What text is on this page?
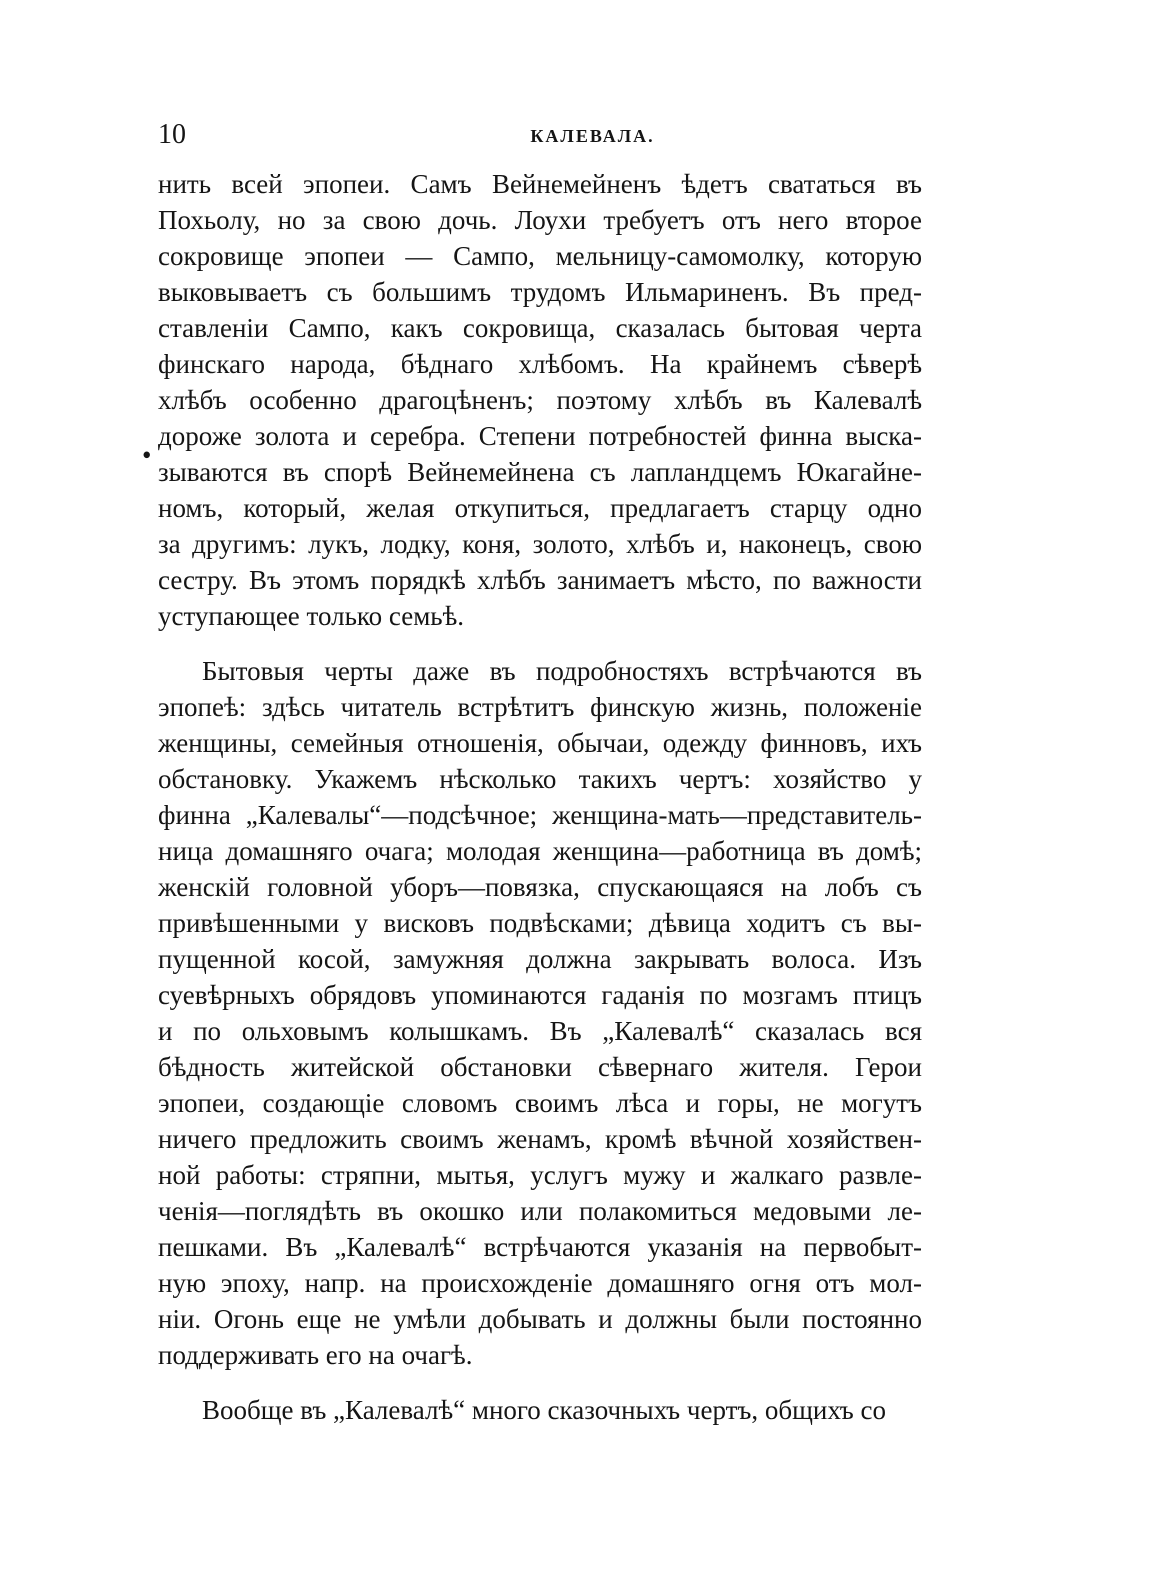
10	КАЛЕВАЛА.
•
нить всей эпопеи. Самъ Вейнемейненъ ѣдетъ свататься въ
Похьолу, но за свою дочь. Лоухи требуетъ отъ него второе
сокровище эпопеи — Сампо, мельницу-самомолку, которую
выковываетъ съ большимъ трудомъ Ильмариненъ. Въ пред-
ставленіи Сампо, какъ сокровища, сказалась бытовая черта
финскаго народа, бѣднаго хлѣбомъ. На крайнемъ сѣверѣ
хлѣбъ особенно драгоцѣненъ; поэтому хлѣбъ въ Калевалѣ
дороже золота и серебра. Степени потребностей финна выска-
зываются въ спорѣ Вейнемейнена съ лапландцемъ Юкагайне-
номъ, который, желая откупиться, предлагаетъ старцу одно
за другимъ: лукъ, лодку, коня, золото, хлѣбъ и, наконецъ, свою
сестру. Въ этомъ порядкѣ хлѣбъ занимаетъ мѣсто, по важности
уступающее только семьѣ.
Бытовыя черты даже въ подробностяхъ встрѣчаются въ
эпопеѣ: здѣсь читатель встрѣтитъ финскую жизнь, положеніе
женщины, семейныя отношенія, обычаи, одежду финновъ, ихъ
обстановку. Укажемъ нѣсколько такихъ чертъ: хозяйство у
финна „Калевалы“—подсѣчное; женщина-мать—представитель-
ница домашняго очага; молодая женщина—работница въ домѣ;
женскій головной уборъ—повязка, спускающаяся на лобъ съ
привѣшенными у висковъ подвѣсками; дѣвица ходитъ съ вы-
пущенной косой, замужняя должна закрывать волоса. Изъ
суевѣрныхъ обрядовъ упоминаются гаданія по мозгамъ птицъ
и по ольховымъ колышкамъ. Въ „Калевалѣ“ сказалась вся
бѣдность житейской обстановки сѣвернаго жителя. Герои
эпопеи, создающіе словомъ своимъ лѣса и горы, не могутъ
ничего предложить своимъ женамъ, кромѣ вѣчной хозяйствен-
ной работы: стряпни, мытья, услугъ мужу и жалкаго развле-
ченія—поглядѣть въ окошко или полакомиться медовыми ле-
пешками. Въ „Калевалѣ“ встрѣчаются указанія на первобыт-
ную эпоху, напр. на происхожденіе домашняго огня отъ мол-
ніи. Огонь еще не умѣли добывать и должны были постоянно
поддерживать его на очагѣ.
Вообще въ „Калевалѣ“ много сказочныхъ чертъ, общихъ со
